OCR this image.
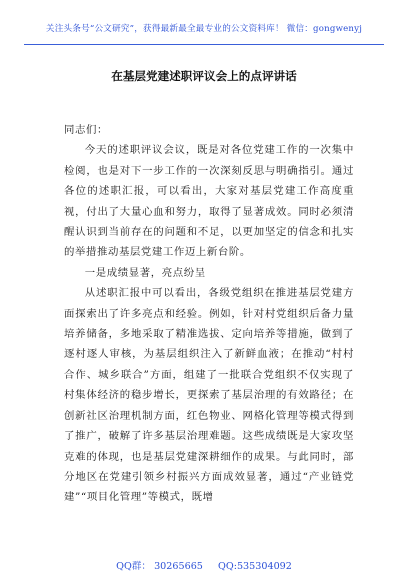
关注头条号“公文研究”，获得最新最全最专业的公文资料库！ 微信：gongwenyj
在基层党建述职评议会上的点评讲话

同志们：

今天的述职评议会议，既是对各位党建工作的一次集中检阅，也是对下一步工作的一次深刻反思与明确指引。通过各位的述职汇报，可以看出，大家对基层党建工作高度重视，付出了大量心血和努力，取得了显著成效。同时必须清醒认识到当前存在的问题和不足，以更加坚定的信念和扎实的举措推动基层党建工作迈上新台阶。

一是成绩显著，亮点纷呈

从述职汇报中可以看出，各级党组织在推进基层党建方面探索出了许多亮点和经验。例如，针对村党组织后备力量培养储备，多地采取了精准选拔、定向培养等措施，做到了逐村逐人审核，为基层组织注入了新鲜血液；在推动“村村合作、城乡联合”方面，组建了一批联合党组织不仅实现了村集体经济的稳步增长，更探索了基层治理的有效路径；在创新社区治理机制方面，红色物业、网格化管理等模式得到了推广，破解了许多基层治理难题。这些成绩既是大家攻坚克难的体现，也是基层党建深耕细作的成果。与此同时，部分地区在党建引领乡村振兴方面成效显著，通过“产业链党建”“项目化管理”等模式，既增

QQ群： 30265665 QQ:535304092
